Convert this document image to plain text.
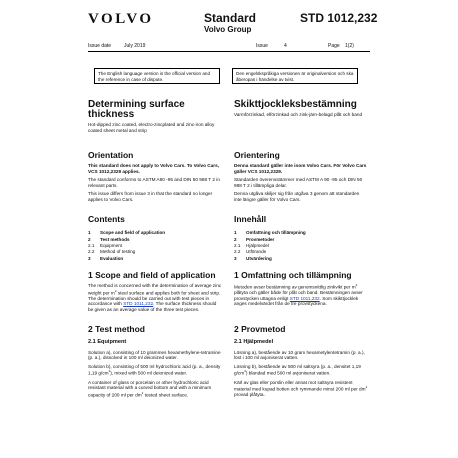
VOLVO	Standard
Volvo Group
STD 1012,232
Issue date	July 2019	Issue	4	Page 1(2)
The English language version is the official version and the reference in case of dispute.
Den engelskspråkiga versionen är originalversion och ska åberopas i händelse av tvist.
Determining surface thickness

Hot-dipped zinc coated, electro-zincplated and zinc-iron alloy coated sheet metal and strip

Orientation

This standard does not apply to Volvo Cars. To Volvo Cars, VCS 1012,2329 applies.

The standard conforms to ASTM A90 -95 and DIN 50 988 T 2 in relevant parts.

This issue differs from issue 3 in that the standard no longer applies to Volvo Cars.

Contents
1 Scope and field of application
2 Test methods
2.1 Equipment
2.2 Method of testing
3 Evaluation
1 Scope and field of application

The method is concerned with the determination of average zinc weight per $m^2$ steel surface and applies both for sheet and strip. The determination should be carried out with test pieces in accordance with STD 1011,232. The surface thickness should be given as an average value of the three test pieces.

2 Test method
2.1 Equipment

Solution a), consisting of 10 grammes hexamethylene-tetramine (p. a.), dissolved in 100 ml deionized water.

Solution b), consisting of 500 ml hydrochloric acid (p. a., density 1,19 $g/cm^3$), mixed with 500 ml deionized water.

A container of glass or porcelain or other hydrochloric acid resistant material with a curved bottom and with a minimum capacity of 200 ml per $dm^2$ tested sheet surface.

Skikttjockleksbestämning

Varmförzinkad, elförzinkad och zink-järn-belagd plåt och band

Orientering

Denna standard gäller inte inom Volvo Cars. För Volvo Cars gäller VCS 1012,2329.

Standarden överensstämmer med ASTM A 90 -95 och DIN 50 988 T 2 i tillämpliga delar.

Denna utgåva skiljer sig från utgåva 3 genom att standarden inte längre gäller för Volvo Cars.

Innehåll
1 Omfattning och tillämpning
2 Provmetoder
2.1 Hjälpmedel
2.2 Utförande
3 Utvärdering
1 Omfattning och tillämpning

Metoden avser bestämning av genomsnittlig zinkvikt per $m^2$ plåtyta och gäller både för plåt och band. Bestämningen avser provstycken uttagna enligt STD 1011,232. Som skikttjocklek anges medelvärdet från de tre provstyckena.

2 Provmetod
2.1 Hjälpmedel

Lösning a), bestående av 10 gram hexametylentetramin (p. a.), löst i 100 ml avjoniserat vatten.

Lösning b), bestående av 500 ml saltsyra (p. a., densitet 1,19 $g/cm^3$) blandad med 500 ml avjoniserat vatten.

Kärl av glas eller porslin eller annat mot saltsyra resistent material med kupad botten och rymmande minst 200 ml per $dm^2$ provad plåtyta.
